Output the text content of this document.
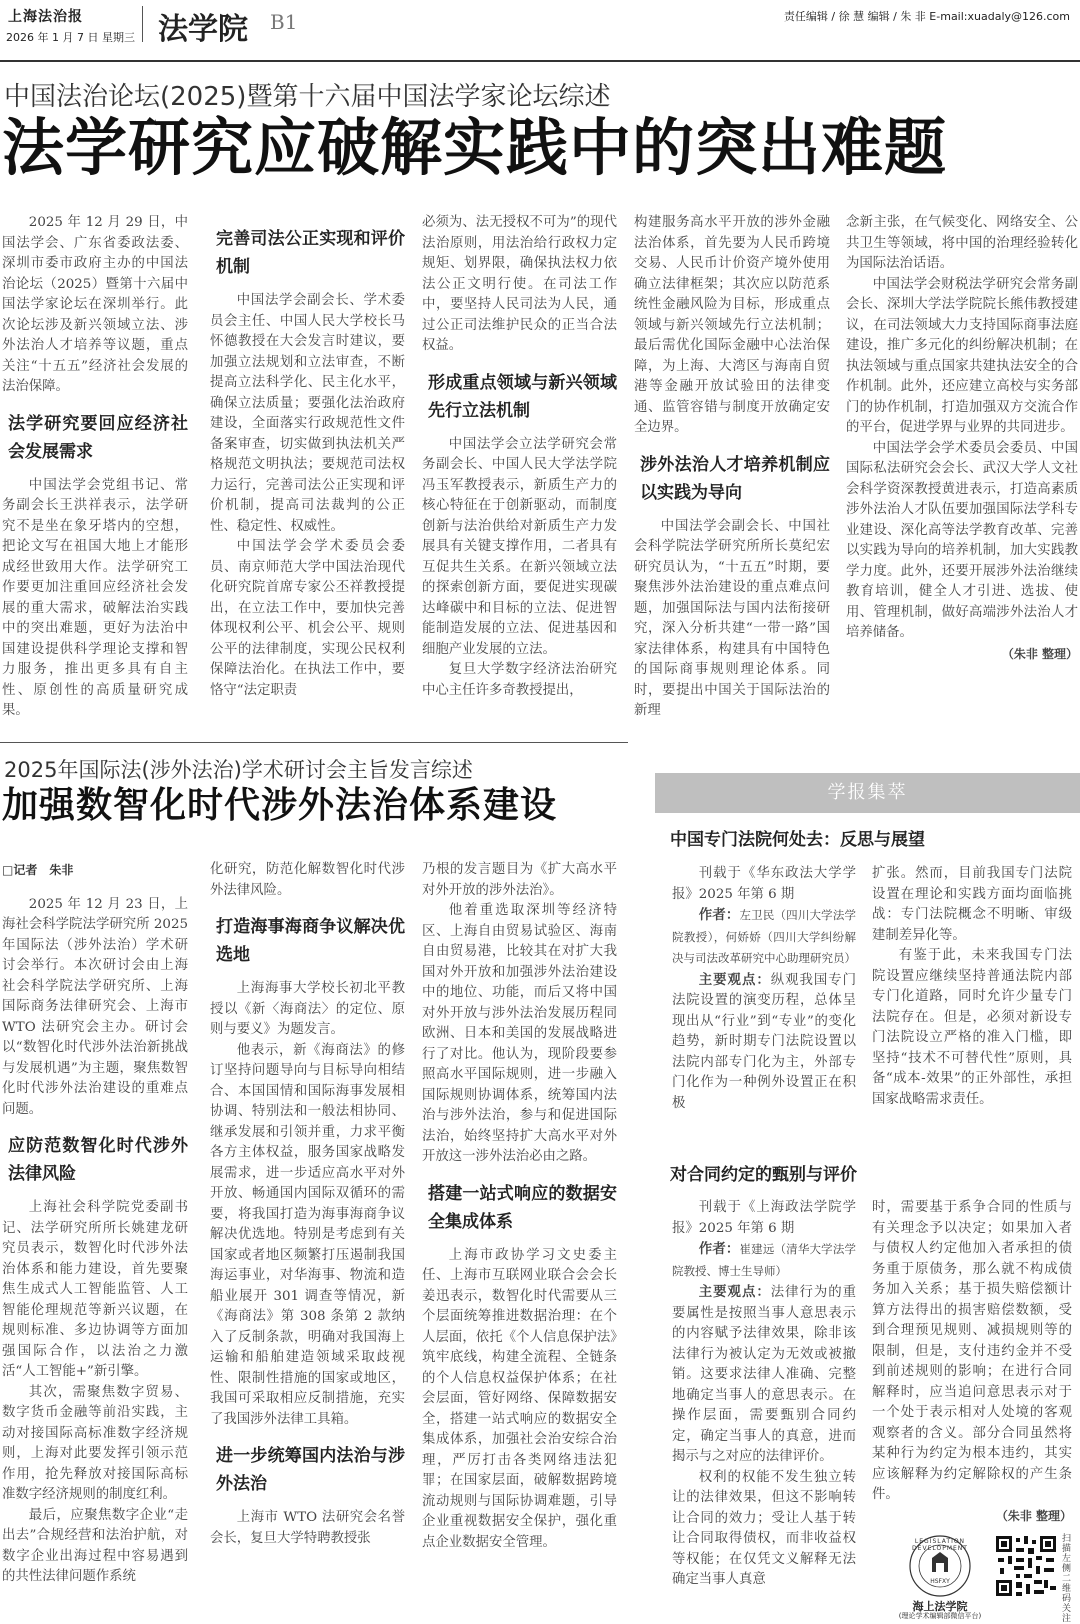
上海法治报
2026 年 1 月 7 日 星期三 法学院 B1	责任编辑 / 徐 慧 编辑 / 朱 非 E-mail:xuadaly@126.com
中国法治论坛(2025)暨第十六届中国法学家论坛综述
法学研究应破解实践中的突出难题

2025 年 12 月 29 日，中国法学会、广东省委政法委、深圳市委市政府主办的中国法治论坛（2025）暨第十六届中国法学家论坛在深圳举行。此次论坛涉及新兴领域立法、涉外法治人才培养等议题，重点关注“十五五”经济社会发展的法治保障。

法学研究要回应经济社会发展需求

中国法学会党组书记、常务副会长王洪祥表示，法学研究不是坐在象牙塔内的空想，把论文写在祖国大地上才能形成经世致用大作。法学研究工作要更加注重回应经济社会发展的重大需求，破解法治实践中的突出难题，更好为法治中国建设提供科学理论支撑和智力服务，推出更多具有自主性、原创性的高质量研究成果。

完善司法公正实现和评价机制

中国法学会副会长、学术委员会主任、中国人民大学校长马怀德教授在大会发言时建议，要加强立法规划和立法审查，不断提高立法科学化、民主化水平，确保立法质量；要强化法治政府建设，全面落实行政规范性文件备案审查，切实做到执法机关严格规范文明执法；要规范司法权力运行，完善司法公正实现和评价机制，提高司法裁判的公正性、稳定性、权威性。

中国法学会学术委员会委员、南京师范大学中国法治现代化研究院首席专家公丕祥教授提出，在立法工作中，要加快完善体现权利公平、机会公平、规则公平的法律制度，实现公民权利保障法治化。在执法工作中，要恪守“法定职责

必须为、法无授权不可为”的现代法治原则，用法治给行政权力定规矩、划界限，确保执法权力依法公正文明行使。在司法工作中，要坚持人民司法为人民，通过公正司法维护民众的正当合法权益。

形成重点领域与新兴领域先行立法机制

中国法学会立法学研究会常务副会长、中国人民大学法学院冯玉军教授表示，新质生产力的核心特征在于创新驱动，而制度创新与法治供给对新质生产力发展具有关键支撑作用，二者具有互促共生关系。在新兴领域立法的探索创新方面，要促进实现碳达峰碳中和目标的立法、促进智能制造发展的立法、促进基因和细胞产业发展的立法。

复旦大学数字经济法治研究中心主任许多奇教授提出，

构建服务高水平开放的涉外金融法治体系，首先要为人民币跨境交易、人民币计价资产境外使用确立法律框架；其次应以防范系统性金融风险为目标，形成重点领域与新兴领域先行立法机制；最后需优化国际金融中心法治保障，为上海、大湾区与海南自贸港等金融开放试验田的法律变通、监管容错与制度开放确定安全边界。

涉外法治人才培养机制应以实践为导向

中国法学会副会长、中国社会科学院法学研究所所长莫纪宏研究员认为，“十五五”时期，要聚焦涉外法治建设的重点难点问题，加强国际法与国内法衔接研究，深入分析共建“一带一路”国家法律体系，构建具有中国特色的国际商事规则理论体系。同时，要提出中国关于国际法治的新理

念新主张，在气候变化、网络安全、公共卫生等领域，将中国的治理经验转化为国际法治话语。

中国法学会财税法学研究会常务副会长、深圳大学法学院院长熊伟教授建议，在司法领域大力支持国际商事法庭建设，推广多元化的纠纷解决机制；在执法领域与重点国家共建执法安全的合作机制。此外，还应建立高校与实务部门的协作机制，打造加强双方交流合作的平台，促进学界与业界的共同进步。

中国法学会学术委员会委员、中国国际私法研究会会长、武汉大学人文社会科学资深教授黄进表示，打造高素质涉外法治人才队伍要加强国际法学科专业建设、深化高等法学教育改革、完善以实践为导向的培养机制，加大实践教学力度。此外，还要开展涉外法治继续教育培训，健全人才引进、选拔、使用、管理机制，做好高端涉外法治人才培养储备。

（朱非 整理）
2025年国际法(涉外法治)学术研讨会主旨发言综述
加强数智化时代涉外法治体系建设
□记者　朱非

2025 年 12 月 23 日，上海社会科学院法学研究所 2025 年国际法（涉外法治）学术研讨会举行。本次研讨会由上海社会科学院法学研究所、上海国际商务法律研究会、上海市 WTO 法研究会主办。研讨会以“数智化时代涉外法治新挑战与发展机遇”为主题，聚焦数智化时代涉外法治建设的重难点问题。

应防范数智化时代涉外法律风险

上海社会科学院党委副书记、法学研究所所长姚建龙研究员表示，数智化时代涉外法治体系和能力建设，首先要聚焦生成式人工智能监管、人工智能伦理规范等新兴议题，在规则标准、多边协调等方面加强国际合作，以法治之力激活“人工智能+”新引擎。

其次，需聚焦数字贸易、数字货币金融等前沿实践，主动对接国际高标准数字经济规则，上海对此要发挥引领示范作用，抢先释放对接国际高标准数字经济规则的制度红利。

最后，应聚焦数字企业“走出去”合规经营和法治护航，对数字企业出海过程中容易遇到的共性法律问题作系统

化研究，防范化解数智化时代涉外法律风险。

打造海事海商争议解决优选地

上海海事大学校长初北平教授以《新〈海商法〉的定位、原则与要义》为题发言。

他表示，新《海商法》的修订坚持问题导向与目标导向相结合、本国国情和国际海事发展相协调、特别法和一般法相协同、继承发展和引领并重，力求平衡各方主体权益，服务国家战略发展需求，进一步适应高水平对外开放、畅通国内国际双循环的需要，将我国打造为海事海商争议解决优选地。特别是考虑到有关国家或者地区频繁打压遏制我国海运事业，对华海事、物流和造船业展开 301 调查等情况，新《海商法》第 308 条第 2 款纳入了反制条款，明确对我国海上运输和船舶建造领域采取歧视性、限制性措施的国家或地区，我国可采取相应反制措施，充实了我国涉外法律工具箱。

进一步统筹国内法治与涉外法治

上海市 WTO 法研究会名誉会长，复旦大学特聘教授张

乃根的发言题目为《扩大高水平对外开放的涉外法治》。

他着重选取深圳等经济特区、上海自由贸易试验区、海南自由贸易港，比较其在对扩大我国对外开放和加强涉外法治建设中的地位、功能，而后又将中国对外开放与涉外法治发展历程同欧洲、日本和美国的发展战略进行了对比。他认为，现阶段要参照高水平国际规则，进一步融入国际规则协调体系，统筹国内法治与涉外法治，参与和促进国际法治，始终坚持扩大高水平对外开放这一涉外法治必由之路。

搭建一站式响应的数据安全集成体系

上海市政协学习文史委主任、上海市互联网业联合会会长姜迅表示，数智化时代需要从三个层面统筹推进数据治理：在个人层面，依托《个人信息保护法》筑牢底线，构建全流程、全链条的个人信息权益保护体系；在社会层面，管好网络、保障数据安全，搭建一站式响应的数据安全集成体系，加强社会治安综合治理，严厉打击各类网络违法犯罪；在国家层面，破解数据跨境流动规则与国际协调难题，引导企业重视数据安全保护，强化重点企业数据安全管理。

学报集萃
中国专门法院何处去：反思与展望

刊载于《华东政法大学学报》2025 年第 6 期

作者：左卫民（四川大学法学院教授），何娇娇（四川大学纠纷解决与司法改革研究中心助理研究员）

主要观点：纵观我国专门法院设置的演变历程，总体呈现出从“行业”到“专业”的变化趋势，新时期专门法院设置以法院内部专门化为主，外部专门化作为一种例外设置正在积极

扩张。然而，目前我国专门法院设置在理论和实践方面均面临挑战：专门法院概念不明晰、审级建制差异化等。

有鉴于此，未来我国专门法院设置应继续坚持普通法院内部专门化道路，同时允许少量专门法院存在。但是，必须对新设专门法院设立严格的准入门槛，即坚持“技术不可替代性”原则，具备“成本-效果”的正外部性，承担国家战略需求责任。

对合同约定的甄别与评价

刊载于《上海政法学院学报》2025 年第 6 期

作者：崔建远（清华大学法学院教授、博士生导师）

主要观点：法律行为的重要属性是按照当事人意思表示的内容赋予法律效果，除非该法律行为被认定为无效或被撤销。这要求法律人准确、完整地确定当事人的意思表示。在操作层面，需要甄别合同约定，确定当事人的真意，进而揭示与之对应的法律评价。

权利的权能不发生独立转让的法律效果，但这不影响转让合同的效力；受让人基于转让合同取得债权，而非收益权等权能；在仅凭文义解释无法确定当事人真意

时，需要基于系争合同的性质与有关理念予以决定；如果加入者与债权人约定他加入者承担的债务重于原债务，那么就不构成债务加入关系；基于损失赔偿额计算方法得出的损害赔偿数额，受到合理预见规则、减损规则等的限制，但是，支付违约金并不受到前述规则的影响；在进行合同解释时，应当追问意思表示对于一个处于表示相对人处境的客观观察者的含义。部分合同虽然将某种行为约定为根本违约，其实应该解释为约定解除权的产生条件。

（朱非 整理）
LEGISLATION DEVELOPMENT
HSFXY
海上法学院
(理论学术编辑部微信平台)
扫描左侧二维码关注
